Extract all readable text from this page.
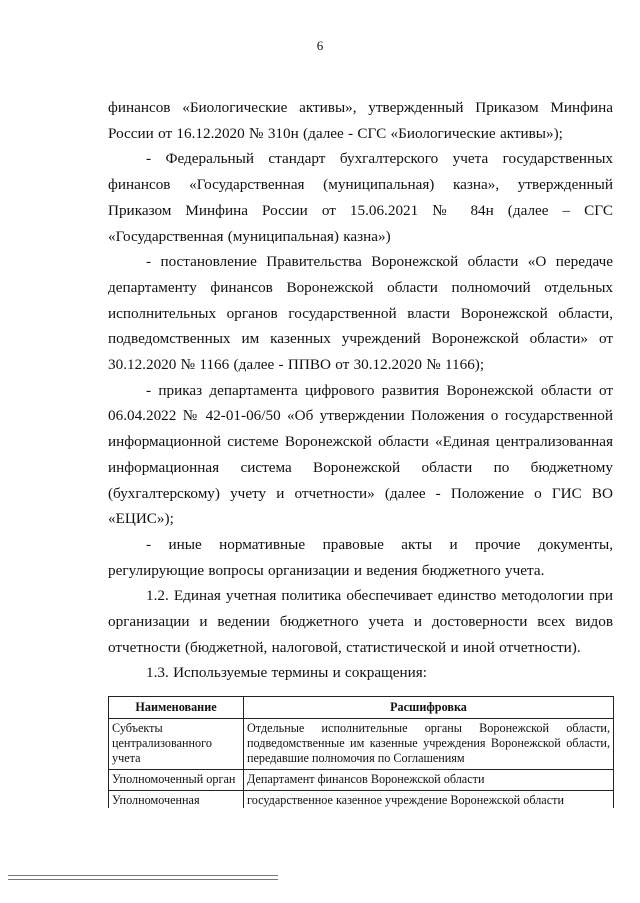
6

финансов «Биологические активы», утвержденный Приказом Минфина России от 16.12.2020 № 310н (далее - СГС «Биологические активы»);

- Федеральный стандарт бухгалтерского учета государственных финансов «Государственная (муниципальная) казна», утвержденный Приказом Минфина России от 15.06.2021 № 84н (далее – СГС «Государственная (муниципальная) казна»)

- постановление Правительства Воронежской области «О передаче департаменту финансов Воронежской области полномочий отдельных исполнительных органов государственной власти Воронежской области, подведомственных им казенных учреждений Воронежской области» от 30.12.2020 № 1166 (далее - ППВО от 30.12.2020 № 1166);

- приказ департамента цифрового развития Воронежской области от 06.04.2022 № 42-01-06/50 «Об утверждении Положения о государственной информационной системе Воронежской области «Единая централизованная информационная система Воронежской области по бюджетному (бухгалтерскому) учету и отчетности» (далее - Положение о ГИС ВО «ЕЦИС»);

- иные нормативные правовые акты и прочие документы, регулирующие вопросы организации и ведения бюджетного учета.

1.2. Единая учетная политика обеспечивает единство методологии при организации и ведении бюджетного учета и достоверности всех видов отчетности (бюджетной, налоговой, статистической и иной отчетности).

1.3. Используемые термины и сокращения:

Наименование	Расшифровка
Субъекты централизованного учета	Отдельные исполнительные органы Воронежской области, подведомственные им казенные учреждения Воронежской области, передавшие полномочия по Соглашениям
Уполномоченный орган	Департамент финансов Воронежской области
Уполномоченная	государственное казенное учреждение Воронежской области
